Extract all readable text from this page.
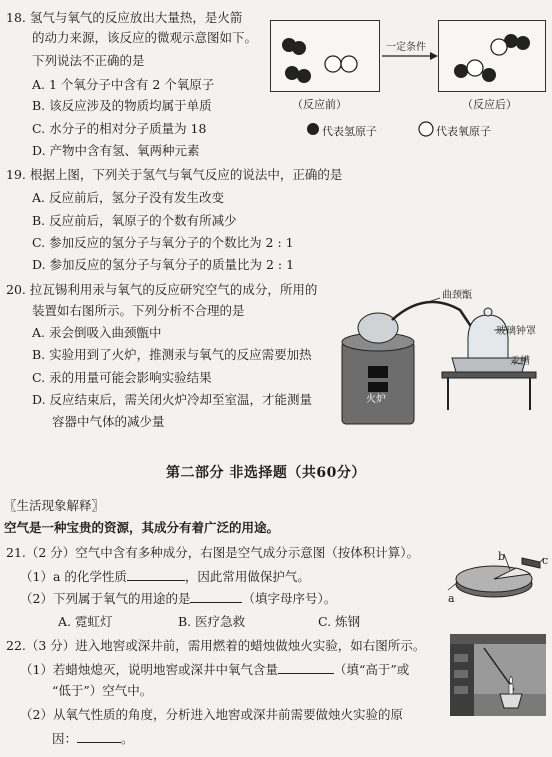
18. 氢气与氧气的反应放出大量热，是火箭
的动力来源，该反应的微观示意图如下。
下列说法不正确的是
A. 1 个氧分子中含有 2 个氧原子
B. 该反应涉及的物质均属于单质
C. 水分子的相对分子质量为 18
D. 产物中含有氢、氧两种元素
一定条件
（反应前）	（反应后）
代表氢原子	代表氧原子
19. 根据上图，下列关于氢气与氧气反应的说法中，正确的是
A. 反应前后，氢分子没有发生改变
B. 反应前后，氧原子的个数有所减少
C. 参加反应的氢分子与氧分子的个数比为 2 : 1
D. 参加反应的氢分子与氧分子的质量比为 2 : 1
20. 拉瓦锡利用汞与氧气的反应研究空气的成分，所用的
装置如右图所示。下列分析不合理的是
A. 汞会倒吸入曲颈甑中
B. 实验用到了火炉，推测汞与氧气的反应需要加热
C. 汞的用量可能会影响实验结果
D. 反应结束后，需关闭火炉冷却至室温，才能测量
容器中气体的减少量
曲颈甑
玻璃钟罩
汞槽
火炉
第二部分 非选择题（共60分）
〖生活现象解释〗
空气是一种宝贵的资源，其成分有着广泛的用途。
21.（2 分）空气中含有多种成分，右图是空气成分示意图（按体积计算）。
（1）a 的化学性质	，因此常用做保护气。
（2）下列属于氧气的用途的是	（填字母序号）。
A. 霓虹灯	B. 医疗急救	C. 炼钢
a
b	c
22.（3 分）进入地窖或深井前，需用燃着的蜡烛做烛火实验，如右图所示。
（1）若蜡烛熄灭，说明地窖或深井中氧气含量	（填“高于”或
“低于”）空气中。
（2）从氧气性质的角度，分析进入地窖或深井前需要做烛火实验的原
因：	。
